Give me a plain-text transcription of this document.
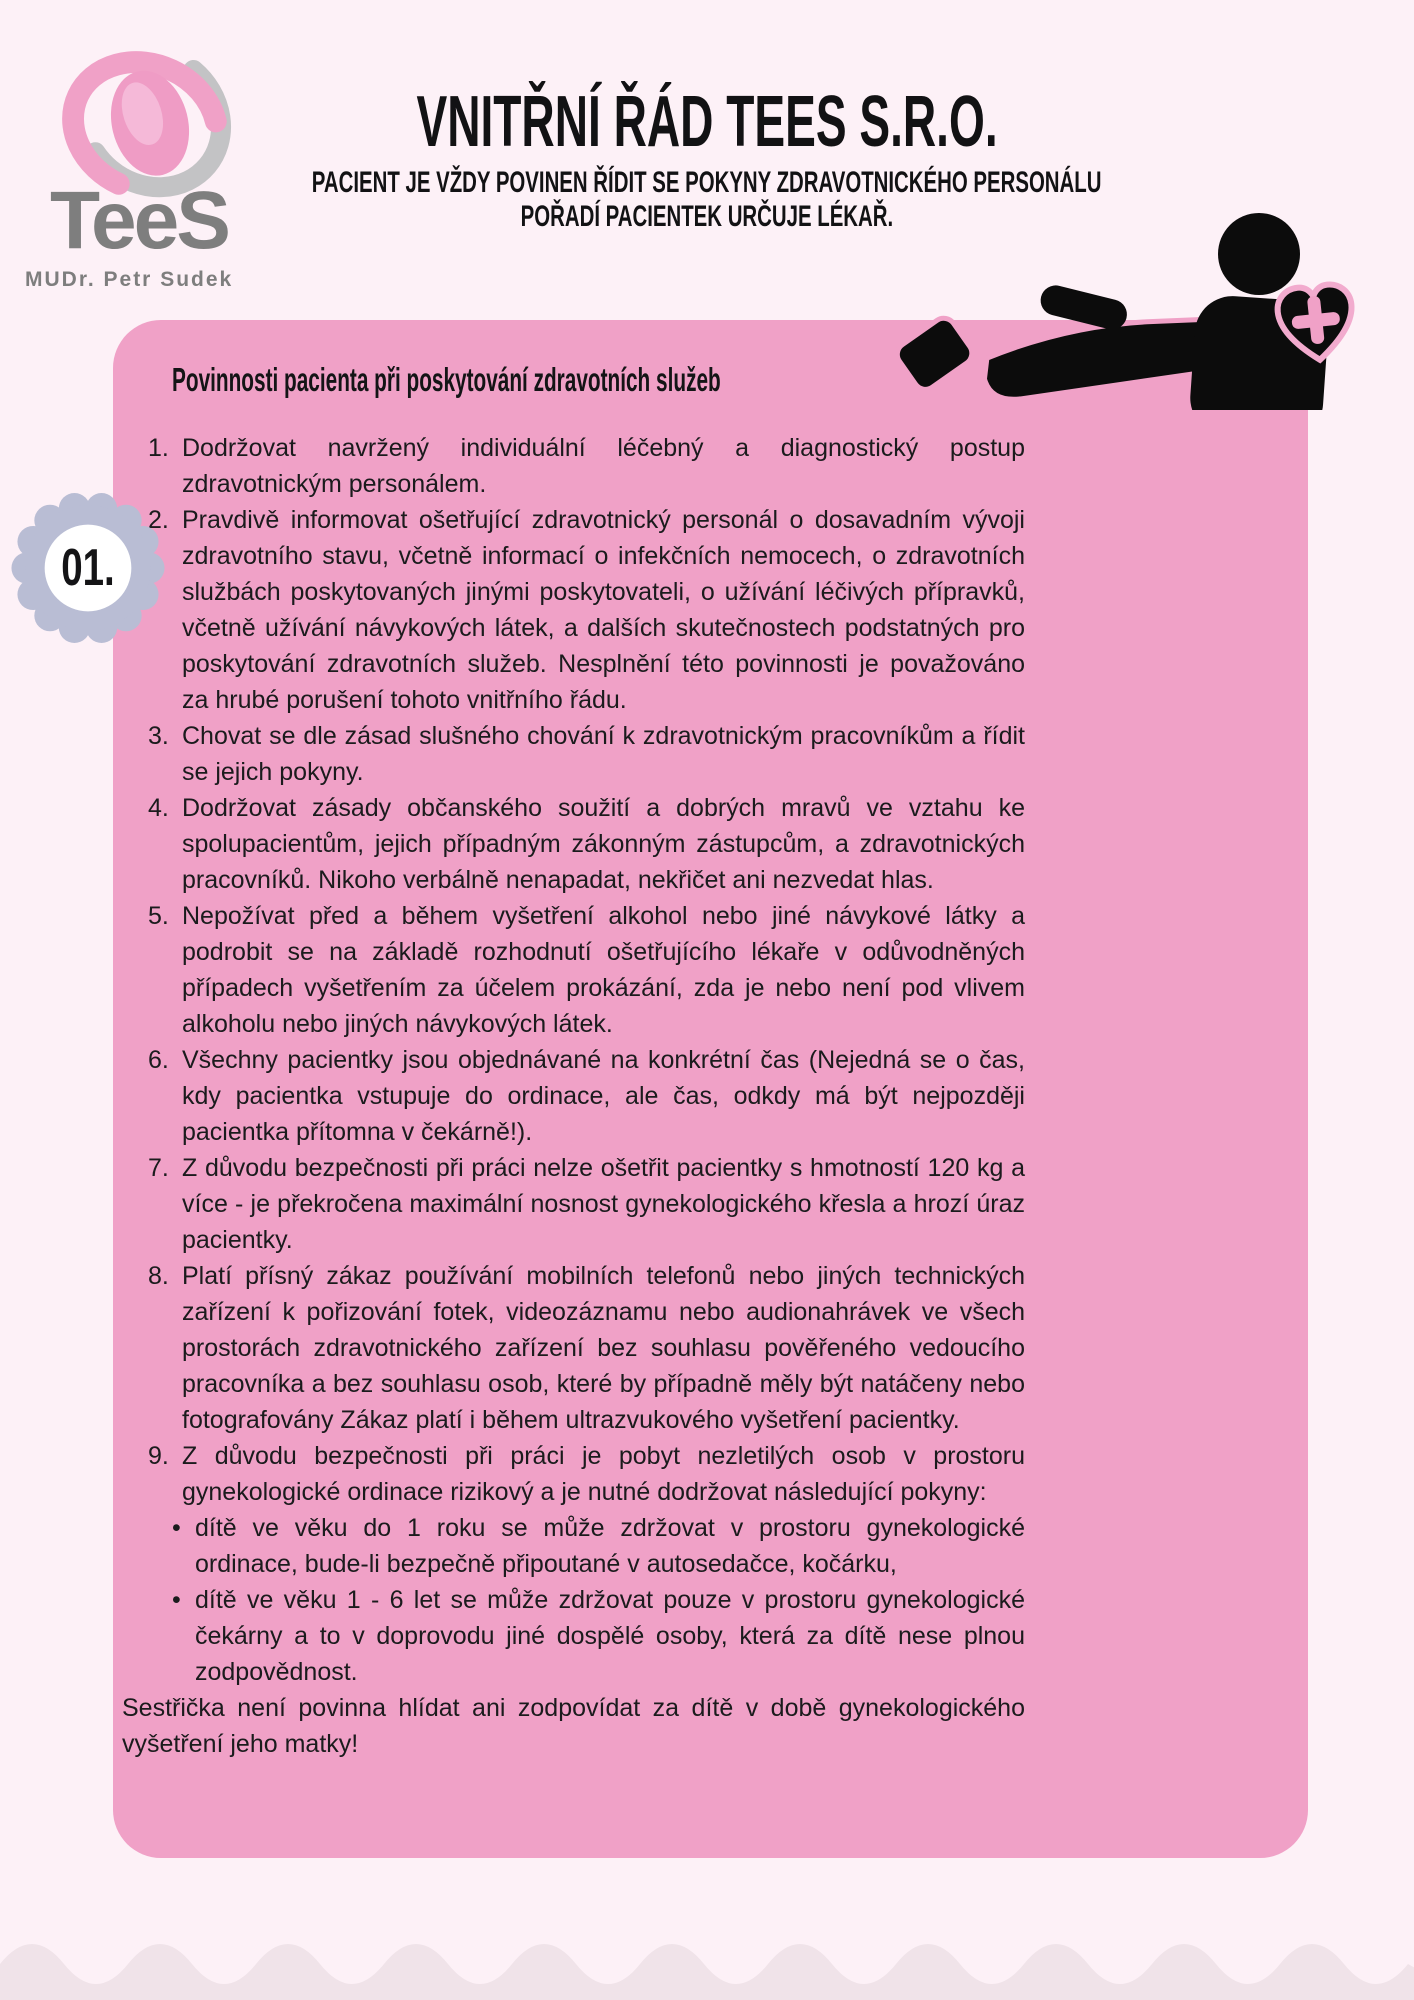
TeeS
MUDr. Petr Sudek
VNITŘNÍ ŘÁD TEES S.R.O.
PACIENT JE VŽDY POVINEN ŘÍDIT SE POKYNY ZDRAVOTNICKÉHO PERSONÁLU
POŘADÍ PACIENTEK URČUJE LÉKAŘ.
01.
Povinnosti pacienta při poskytování zdravotních služeb
Dodržovat navržený individuální léčebný a diagnostický postup zdravotnickým personálem.
Pravdivě informovat ošetřující zdravotnický personál o dosavadním vývoji zdravotního stavu, včetně informací o infekčních nemocech, o zdravotních službách poskytovaných jinými poskytovateli, o užívání léčivých přípravků, včetně užívání návykových látek, a dalších skutečnostech podstatných pro poskytování zdravotních služeb. Nesplnění této povinnosti je považováno za hrubé porušení tohoto vnitřního řádu.
Chovat se dle zásad slušného chování k zdravotnickým pracovníkům a řídit se jejich pokyny.
Dodržovat zásady občanského soužití a dobrých mravů ve vztahu ke spolupacientům, jejich případným zákonným zástupcům, a zdravotnických pracovníků. Nikoho verbálně nenapadat, nekřičet ani nezvedat hlas.
Nepožívat před a během vyšetření alkohol nebo jiné návykové látky a podrobit se na základě rozhodnutí ošetřujícího lékaře v odůvodněných případech vyšetřením za účelem prokázání, zda je nebo není pod vlivem alkoholu nebo jiných návykových látek.
Všechny pacientky jsou objednávané na konkrétní čas (Nejedná se o čas, kdy pacientka vstupuje do ordinace, ale čas, odkdy má být nejpozději pacientka přítomna v čekárně!).
Z důvodu bezpečnosti při práci nelze ošetřit pacientky s hmotností 120 kg a více - je překročena maximální nosnost gynekologického křesla a hrozí úraz pacientky.
Platí přísný zákaz používání mobilních telefonů nebo jiných technických zařízení k pořizování fotek, videozáznamu nebo audionahrávek ve všech prostorách zdravotnického zařízení bez souhlasu pověřeného vedoucího pracovníka a bez souhlasu osob, které by případně měly být natáčeny nebo fotografovány Zákaz platí i během ultrazvukového vyšetření pacientky.
Z důvodu bezpečnosti při práci je pobyt nezletilých osob v prostoru gynekologické ordinace rizikový a je nutné dodržovat následující pokyny:
• dítě ve věku do 1 roku se může zdržovat v prostoru gynekologické ordinace, bude-li bezpečně připoutané v autosedačce, kočárku,
• dítě ve věku 1 - 6 let se může zdržovat pouze v prostoru gynekologické čekárny a to v doprovodu jiné dospělé osoby, která za dítě nese plnou zodpovědnost.

Sestřička není povinna hlídat ani zodpovídat za dítě v době gynekologického vyšetření jeho matky!
